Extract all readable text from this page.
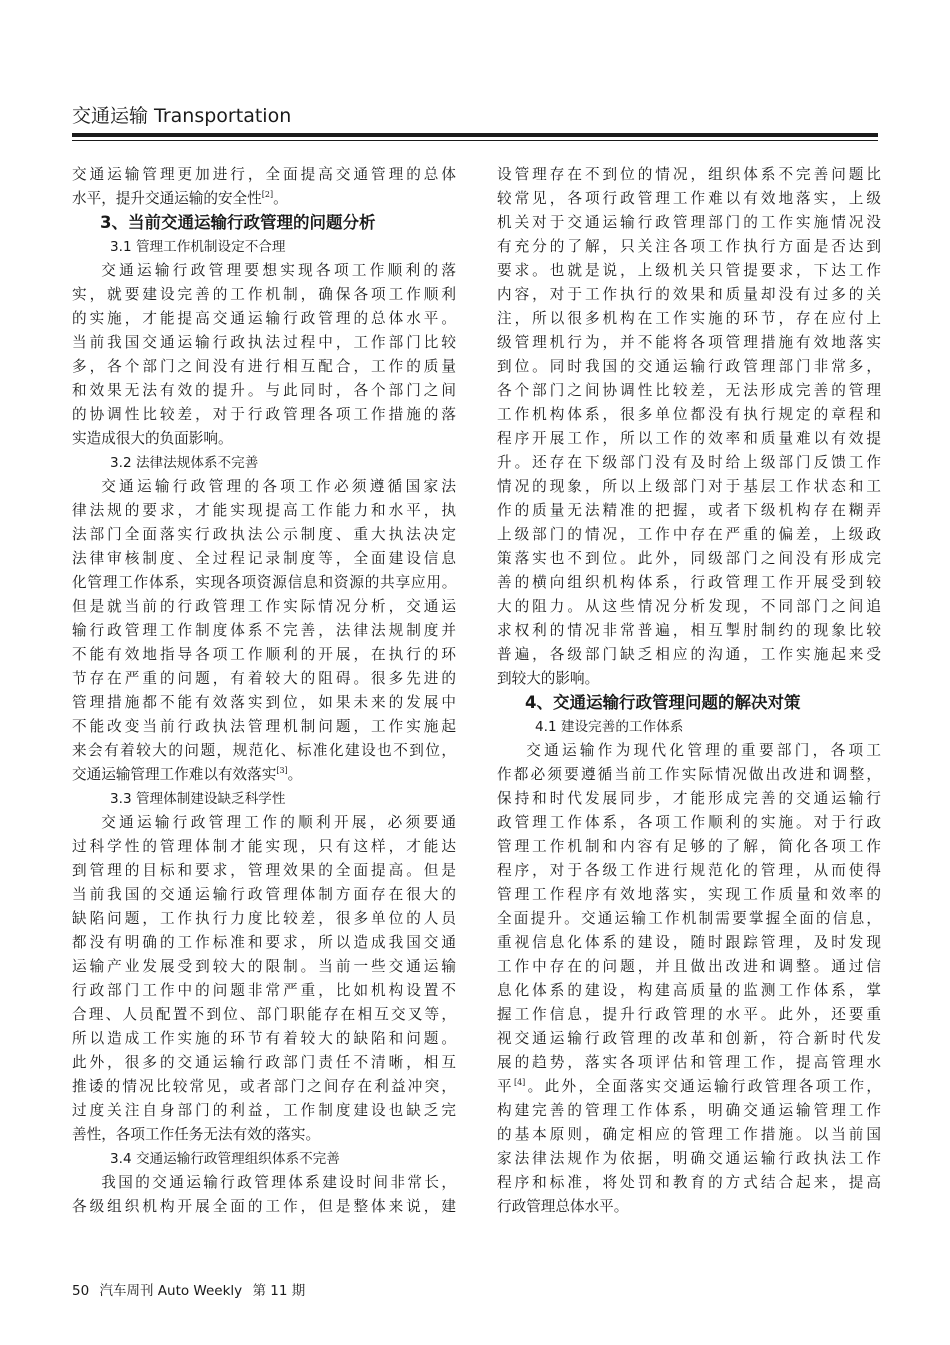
交通运输 Transportation

交通运输管理更加进行，全面提高交通管理的总体

水平，提升交通运输的安全性[2]。

3、当前交通运输行政管理的问题分析

3.1 管理工作机制设定不合理

交通运输行政管理要想实现各项工作顺利的落

实，就要建设完善的工作机制，确保各项工作顺利

的实施，才能提高交通运输行政管理的总体水平。

当前我国交通运输行政执法过程中，工作部门比较

多，各个部门之间没有进行相互配合，工作的质量

和效果无法有效的提升。与此同时，各个部门之间

的协调性比较差，对于行政管理各项工作措施的落

实造成很大的负面影响。

3.2 法律法规体系不完善

交通运输行政管理的各项工作必须遵循国家法

律法规的要求，才能实现提高工作能力和水平，执

法部门全面落实行政执法公示制度、重大执法决定

法律审核制度、全过程记录制度等，全面建设信息

化管理工作体系，实现各项资源信息和资源的共享应用。

但是就当前的行政管理工作实际情况分析，交通运

输行政管理工作制度体系不完善，法律法规制度并

不能有效地指导各项工作顺利的开展，在执行的环

节存在严重的问题，有着较大的阻碍。很多先进的

管理措施都不能有效落实到位，如果未来的发展中

不能改变当前行政执法管理机制问题，工作实施起

来会有着较大的问题，规范化、标准化建设也不到位，

交通运输管理工作难以有效落实[3]。

3.3 管理体制建设缺乏科学性

交通运输行政管理工作的顺利开展，必须要通

过科学性的管理体制才能实现，只有这样，才能达

到管理的目标和要求，管理效果的全面提高。但是

当前我国的交通运输行政管理体制方面存在很大的

缺陷问题，工作执行力度比较差，很多单位的人员

都没有明确的工作标准和要求，所以造成我国交通

运输产业发展受到较大的限制。当前一些交通运输

行政部门工作中的问题非常严重，比如机构设置不

合理、人员配置不到位、部门职能存在相互交叉等，

所以造成工作实施的环节有着较大的缺陷和问题。

此外，很多的交通运输行政部门责任不清晰，相互

推诿的情况比较常见，或者部门之间存在利益冲突，

过度关注自身部门的利益，工作制度建设也缺乏完

善性，各项工作任务无法有效的落实。

3.4 交通运输行政管理组织体系不完善

我国的交通运输行政管理体系建设时间非常长，

各级组织机构开展全面的工作，但是整体来说，建

设管理存在不到位的情况，组织体系不完善问题比

较常见，各项行政管理工作难以有效地落实，上级

机关对于交通运输行政管理部门的工作实施情况没

有充分的了解，只关注各项工作执行方面是否达到

要求。也就是说，上级机关只管提要求，下达工作

内容，对于工作执行的效果和质量却没有过多的关

注，所以很多机构在工作实施的环节，存在应付上

级管理机行为，并不能将各项管理措施有效地落实

到位。同时我国的交通运输行政管理部门非常多，

各个部门之间协调性比较差，无法形成完善的管理

工作机构体系，很多单位都没有执行规定的章程和

程序开展工作，所以工作的效率和质量难以有效提

升。还存在下级部门没有及时给上级部门反馈工作

情况的现象，所以上级部门对于基层工作状态和工

作的质量无法精准的把握，或者下级机构存在糊弄

上级部门的情况，工作中存在严重的偏差，上级政

策落实也不到位。此外，同级部门之间没有形成完

善的横向组织机构体系，行政管理工作开展受到较

大的阻力。从这些情况分析发现，不同部门之间追

求权利的情况非常普遍，相互掣肘制约的现象比较

普遍，各级部门缺乏相应的沟通，工作实施起来受

到较大的影响。

4、交通运输行政管理问题的解决对策

4.1 建设完善的工作体系

交通运输作为现代化管理的重要部门，各项工

作都必须要遵循当前工作实际情况做出改进和调整，

保持和时代发展同步，才能形成完善的交通运输行

政管理工作体系，各项工作顺利的实施。对于行政

管理工作机制和内容有足够的了解，简化各项工作

程序，对于各级工作进行规范化的管理，从而使得

管理工作程序有效地落实，实现工作质量和效率的

全面提升。交通运输工作机制需要掌握全面的信息，

重视信息化体系的建设，随时跟踪管理，及时发现

工作中存在的问题，并且做出改进和调整。通过信

息化体系的建设，构建高质量的监测工作体系，掌

握工作信息，提升行政管理的水平。此外，还要重

视交通运输行政管理的改革和创新，符合新时代发

展的趋势，落实各项评估和管理工作，提高管理水

平[4]。此外，全面落实交通运输行政管理各项工作，

构建完善的管理工作体系，明确交通运输管理工作

的基本原则，确定相应的管理工作措施。以当前国

家法律法规作为依据，明确交通运输行政执法工作

程序和标准，将处罚和教育的方式结合起来，提高

行政管理总体水平。

50 汽车周刊 Auto Weekly 第 11 期
